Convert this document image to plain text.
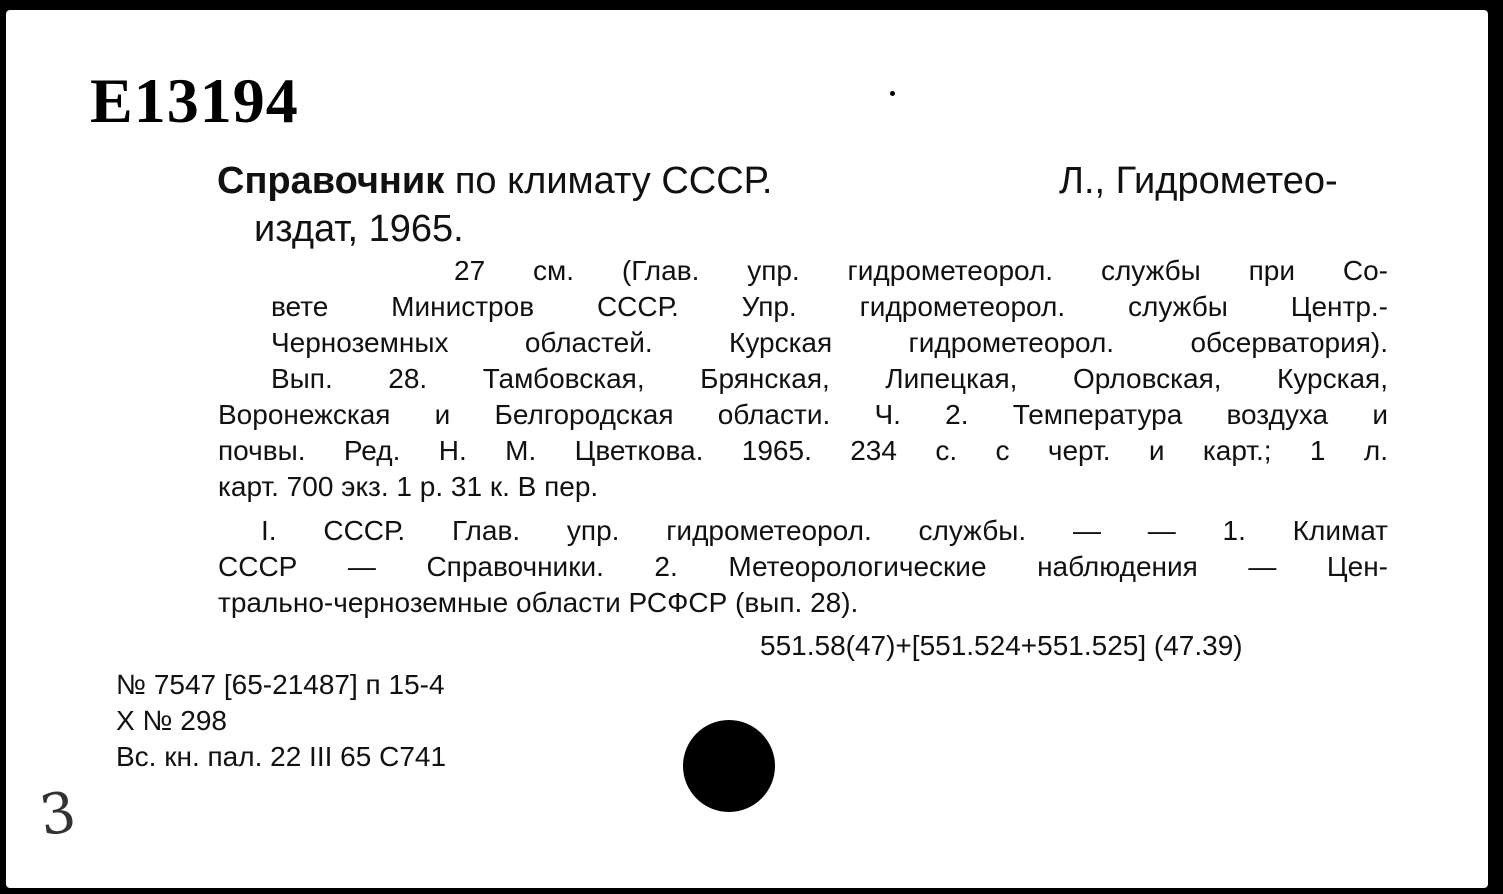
Е13194
Справочник по климату СССР.	Л., Гидрометео-
издат, 1965.
27 см. (Глав. упр. гидрометеорол. службы при Со-
вете Министров СССР. Упр. гидрометеорол. службы Центр.-
Черноземных областей. Курская гидрометеорол. обсерватория).
Вып. 28. Тамбовская, Брянская, Липецкая, Орловская, Курская,
Воронежская и Белгородская области. Ч. 2. Температура воздуха и
почвы. Ред. Н. М. Цветкова. 1965. 234 с. с черт. и карт.; 1 л.
карт. 700 экз. 1 р. 31 к. В пер.
I. СССР. Глав. упр. гидрометеорол. службы. — — 1. Климат
СССР — Справочники. 2. Метеорологические наблюдения — Цен-
трально-черноземные области РСФСР (вып. 28).
551.58(47)+[551.524+551.525] (47.39)
№ 7547 [65-21487] п 15-4
Х № 298
Вс. кн. пал. 22 III 65 С741
3
